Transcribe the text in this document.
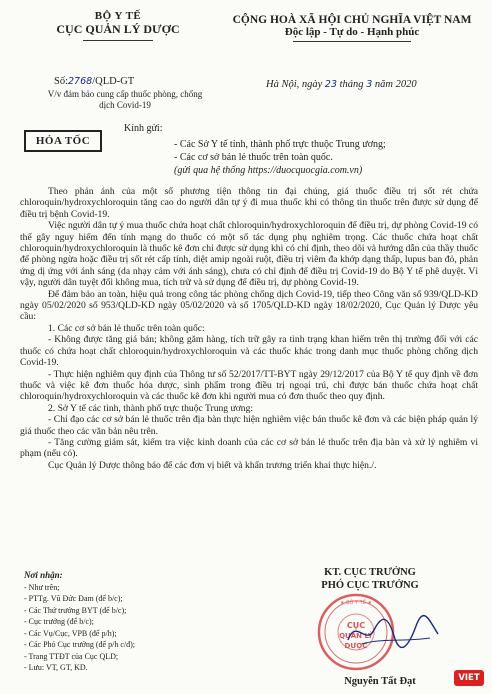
BỘ Y TẾ
CỤC QUẢN LÝ DƯỢC
CỘNG HOÀ XÃ HỘI CHỦ NGHĨA VIỆT NAM
Độc lập - Tự do - Hạnh phúc
Số:2768/QLD-GT
V/v đảm bảo cung cấp thuốc phòng, chống dịch Covid-19
Hà Nội, ngày 23 tháng 3 năm 2020
HỎA TỐC
Kính gửi:
- Các Sở Y tế tỉnh, thành phố trực thuộc Trung ương;
- Các cơ sở bán lẻ thuốc trên toàn quốc.
(gửi qua hệ thống https://duocquocgia.com.vn)

Theo phản ánh của một số phương tiện thông tin đại chúng, giá thuốc điều trị sốt rét chứa chloroquin/hydroxychloroquin tăng cao do người dân tự ý đi mua thuốc khi có thông tin thuốc trên được sử dụng để điều trị bệnh Covid-19.

Việc người dân tự ý mua thuốc chứa hoạt chất chloroquin/hydroxychloroquin để điều trị, dự phòng Covid-19 có thể gây nguy hiểm đến tính mạng do thuốc có một số tác dụng phụ nghiêm trọng. Các thuốc chứa hoạt chất chloroquin/hydroxychloroquin là thuốc kê đơn chỉ được sử dụng khi có chỉ định, theo dõi và hướng dẫn của thầy thuốc để phòng ngừa hoặc điều trị sốt rét cấp tính, diệt amip ngoài ruột, điều trị viêm đa khớp dạng thấp, lupus ban đỏ, phản ứng dị ứng với ánh sáng (da nhạy cảm với ánh sáng), chưa có chỉ định để điều trị Covid-19 do Bộ Y tế phê duyệt. Vì vậy, người dân tuyệt đối không mua, tích trữ và sử dụng để điều trị, dự phòng Covid-19.

Để đảm bảo an toàn, hiệu quả trong công tác phòng chống dịch Covid-19, tiếp theo Công văn số 939/QLD-KD ngày 05/02/2020 số 953/QLD-KD ngày 05/02/2020 và số 1705/QLD-KD ngày 18/02/2020, Cục Quản lý Dược yêu cầu:

1. Các cơ sở bán lẻ thuốc trên toàn quốc:

- Không được tăng giá bán; không găm hàng, tích trữ gây ra tình trạng khan hiếm trên thị trường đối với các thuốc có chứa hoạt chất chloroquin/hydroxychloroquin và các thuốc khác trong danh mục thuốc phòng chống dịch Covid-19.

- Thực hiện nghiêm quy định của Thông tư số 52/2017/TT-BYT ngày 29/12/2017 của Bộ Y tế quy định về đơn thuốc và việc kê đơn thuốc hóa dược, sinh phẩm trong điều trị ngoại trú, chỉ được bán thuốc chứa hoạt chất chloroquin/hydroxychloroquin và các thuốc kê đơn khi người mua có đơn thuốc theo quy định.

2. Sở Y tế các tỉnh, thành phố trực thuộc Trung ương:

- Chỉ đạo các cơ sở bán lẻ thuốc trên địa bàn thực hiện nghiêm việc bán thuốc kê đơn và các biện pháp quản lý giá thuốc theo các văn bản nêu trên.

- Tăng cường giám sát, kiểm tra việc kinh doanh của các cơ sở bán lẻ thuốc trên địa bàn và xử lý nghiêm vi phạm (nếu có).

Cục Quản lý Dược thông báo để các đơn vị biết và khẩn trương triển khai thực hiện./.

Nơi nhận:
- Như trên;
- PTTg. Vũ Đức Đam (để b/c);
- Các Thứ trưởng BYT (để b/c);
- Cục trưởng (để b/c);
- Các Vụ/Cục, VPB (để p/h);
- Các Phó Cục trưởng (để p/h c/đ);
- Trang TTĐT của Cục QLD;
- Lưu: VT, GT, KD.
KT. CỤC TRƯỞNG
PHÓ CỤC TRƯỞNG
CỤC
QUẢN LÝ
DƯỢC
★ BỘ Y TẾ ★
Nguyễn Tất Đạt	VIET
